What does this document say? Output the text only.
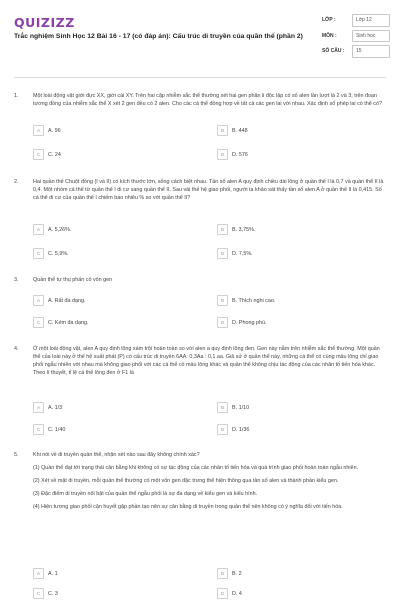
QUIZIZZ
Trắc nghiệm Sinh Học 12 Bài 16 - 17 (có đáp án): Cấu trúc di truyền của quần thể (phần 2)
LỚP :	Lớp 12
MÔN :	Sinh học
SỐ CÂU :	15
1.	Một loài động vật giới đực XX, giới cái XY. Trên hai cặp nhiễm sắc thể thường xét hai gen phân li độc lập có số alen lần lượt là 2 và 3; trên đoạn tương đồng của nhiễm sắc thể X xét 2 gen đều có 2 alen. Cho các cá thể đồng hợp về tất cả các gen lai với nhau. Xác định số phép lai có thể có?
A	A. 96	B	B. 448
C	C. 24	D	D. 576
2.	Hai quần thể Chuột đồng (I và II) có kích thước lớn, sống cách biệt nhau. Tần số alen A quy định chiều dài lông ở quần thể I là 0,7 và quần thể II là 0,4. Một nhóm cá thể từ quần thể I di cư sang quần thể II. Sau vài thế hệ giao phối, người ta khảo sát thấy tần số alen A ở quần thể II là 0,415. Số cá thể di cư của quần thể I chiếm bao nhiêu % so với quần thể II?
A	A. 5,26%.	B	B. 3,75%.
C	C. 5,9%.	D	D. 7,5%.
3.	Quần thể tự thụ phấn có vốn gen
A	A. Rất đa dạng.	B	B. Thích nghi cao.
C	C. Kém đa dạng.	D	D. Phong phú.
4.	Ở một loài động vật, alen A quy định lông xám trội hoàn toàn so với alen a quy định lông đen. Gen này nằm trên nhiễm sắc thể thường. Một quần thể của loài này ở thế hệ xuất phát (P) có cấu trúc di truyền 6AA: 0,3Aa : 0,1 aa. Giả sử ở quần thể này, những cá thể có cùng màu lông chỉ giao phối ngẫu nhiên với nhau mà không giao phối với các cá thể có màu lông khác và quần thể không chịu tác động của các nhân tố tiến hóa khác. Theo lí thuyết, tỉ lệ cá thể lông đen ở F1 là
A	A. 1/3	B	B. 1/10
C	C. 1/40	D	D. 1/36
5.	Khi nói về di truyền quần thể, nhận xét nào sau đây không chính xác?
(1) Quần thể đạt tới trạng thái cân bằng khi không có sự tác động của các nhân tố tiến hóa và quá trình giao phối hoàn toàn ngẫu nhiên.
(2) Xét về mặt di truyền, mỗi quần thể thường có một vốn gen đặc trưng thể hiện thông qua tần số alen và thành phần kiểu gen.
(3) Đặc điểm di truyền nổi bật của quần thể ngẫu phối là sự đa dạng về kiểu gen và kiểu hình.
(4) Hiện tượng giao phối cận huyết gặp phần tạo nên sự cân bằng di truyền trong quần thể nên không có ý nghĩa đối với tiến hóa.
A	A. 1	B	B. 2
C	C. 3	D	D. 4
